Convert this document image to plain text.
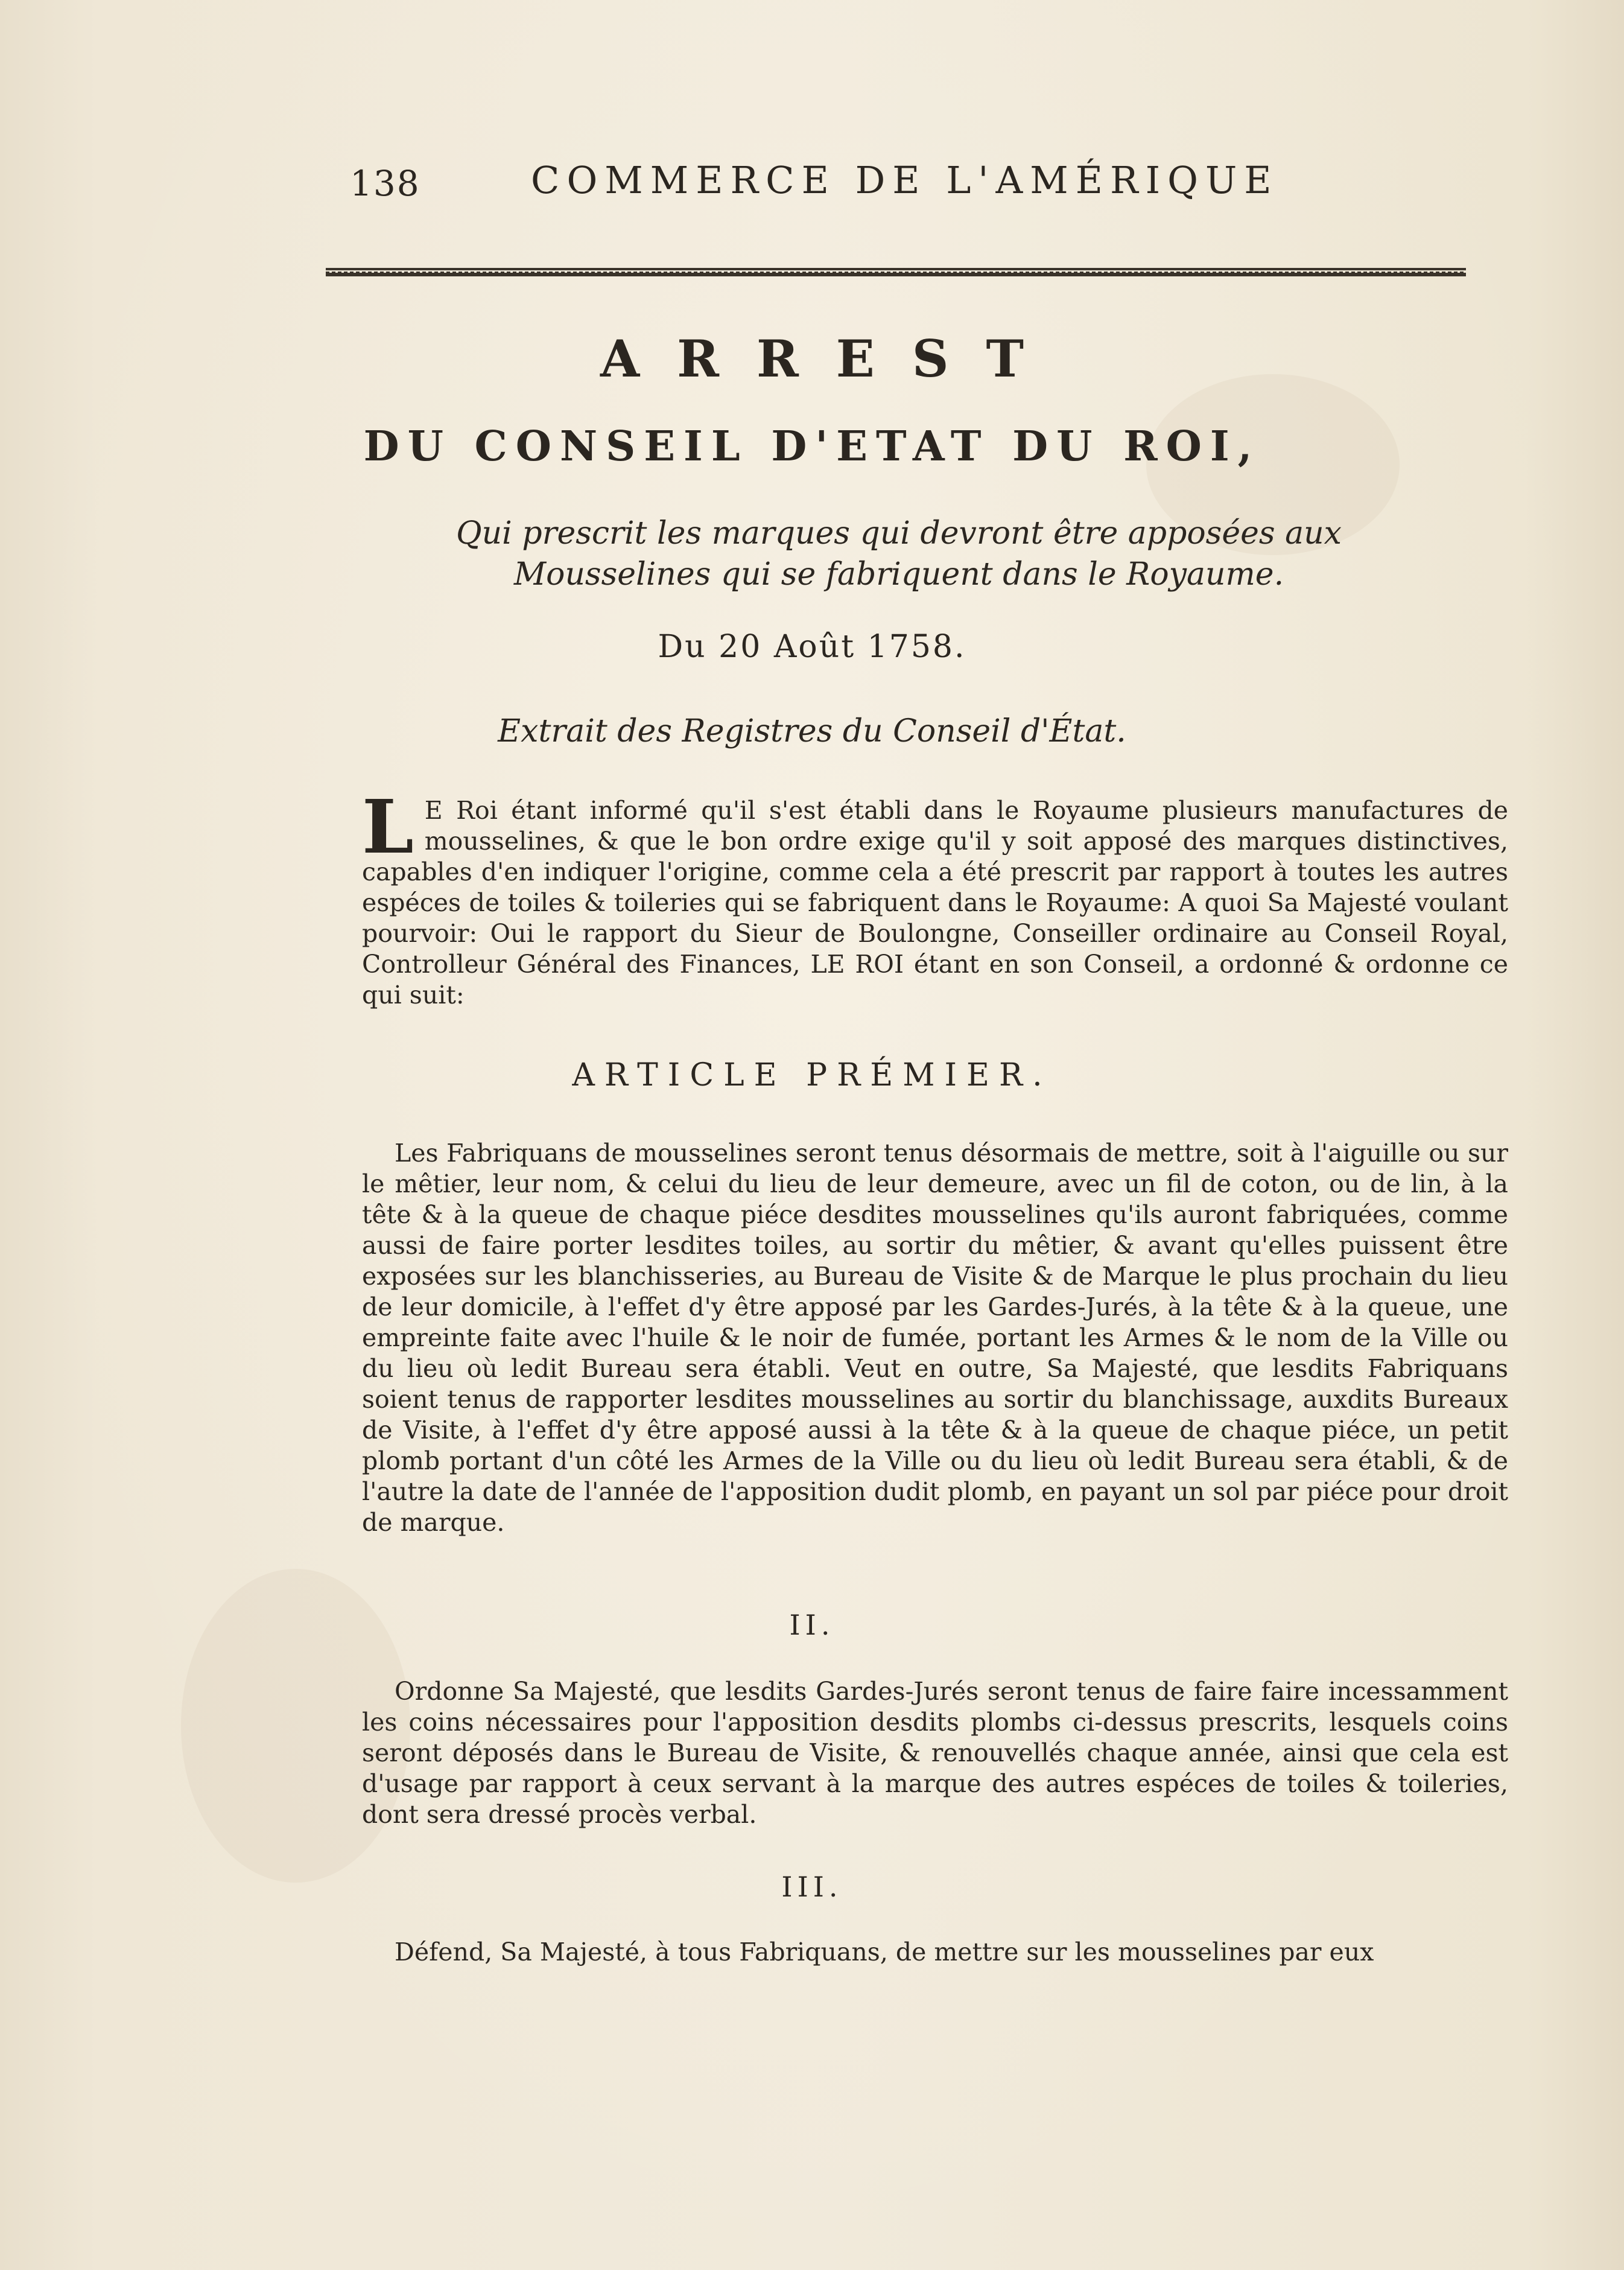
138	COMMERCE DE L'AMÉRIQUE
ARREST
DU CONSEIL D'ETAT DU ROI,
Qui prescrit les marques qui devront être apposées aux Mousselines qui se fabriquent dans le Royaume.
Du 20 Août 1758.
Extrait des Registres du Conseil d'État.
L E Roi étant informé qu'il s'est établi dans le Royaume plusieurs manufactures de mousselines, & que le bon ordre exige qu'il y soit apposé des marques distinctives, capables d'en indiquer l'origine, comme cela a été prescrit par rapport à toutes les autres espéces de toiles & toileries qui se fabriquent dans le Royaume: A quoi Sa Majesté voulant pourvoir: Oui le rapport du Sieur de Boulongne, Conseiller ordinaire au Conseil Royal, Controlleur Général des Finances, LE ROI étant en son Conseil, a ordonné & ordonne ce qui suit:
ARTICLE PRÉMIER.
Les Fabriquans de mousselines seront tenus désormais de mettre, soit à l'aiguille ou sur le mêtier, leur nom, & celui du lieu de leur demeure, avec un fil de coton, ou de lin, à la tête & à la queue de chaque piéce desdites mousselines qu'ils auront fabriquées, comme aussi de faire porter lesdites toiles, au sortir du mêtier, & avant qu'elles puissent être exposées sur les blanchisseries, au Bureau de Visite & de Marque le plus prochain du lieu de leur domicile, à l'effet d'y être apposé par les Gardes-Jurés, à la tête & à la queue, une empreinte faite avec l'huile & le noir de fumée, portant les Armes & le nom de la Ville ou du lieu où ledit Bureau sera établi. Veut en outre, Sa Majesté, que lesdits Fabriquans soient tenus de rapporter lesdites mousselines au sortir du blanchissage, auxdits Bureaux de Visite, à l'effet d'y être apposé aussi à la tête & à la queue de chaque piéce, un petit plomb portant d'un côté les Armes de la Ville ou du lieu où ledit Bureau sera établi, & de l'autre la date de l'année de l'apposition dudit plomb, en payant un sol par piéce pour droit de marque.
II.
Ordonne Sa Majesté, que lesdits Gardes-Jurés seront tenus de faire faire incessamment les coins nécessaires pour l'apposition desdits plombs ci-dessus prescrits, lesquels coins seront déposés dans le Bureau de Visite, & renouvellés chaque année, ainsi que cela est d'usage par rapport à ceux servant à la marque des autres espéces de toiles & toileries, dont sera dressé procès verbal.
III.
Défend, Sa Majesté, à tous Fabriquans, de mettre sur les mousselines par eux
